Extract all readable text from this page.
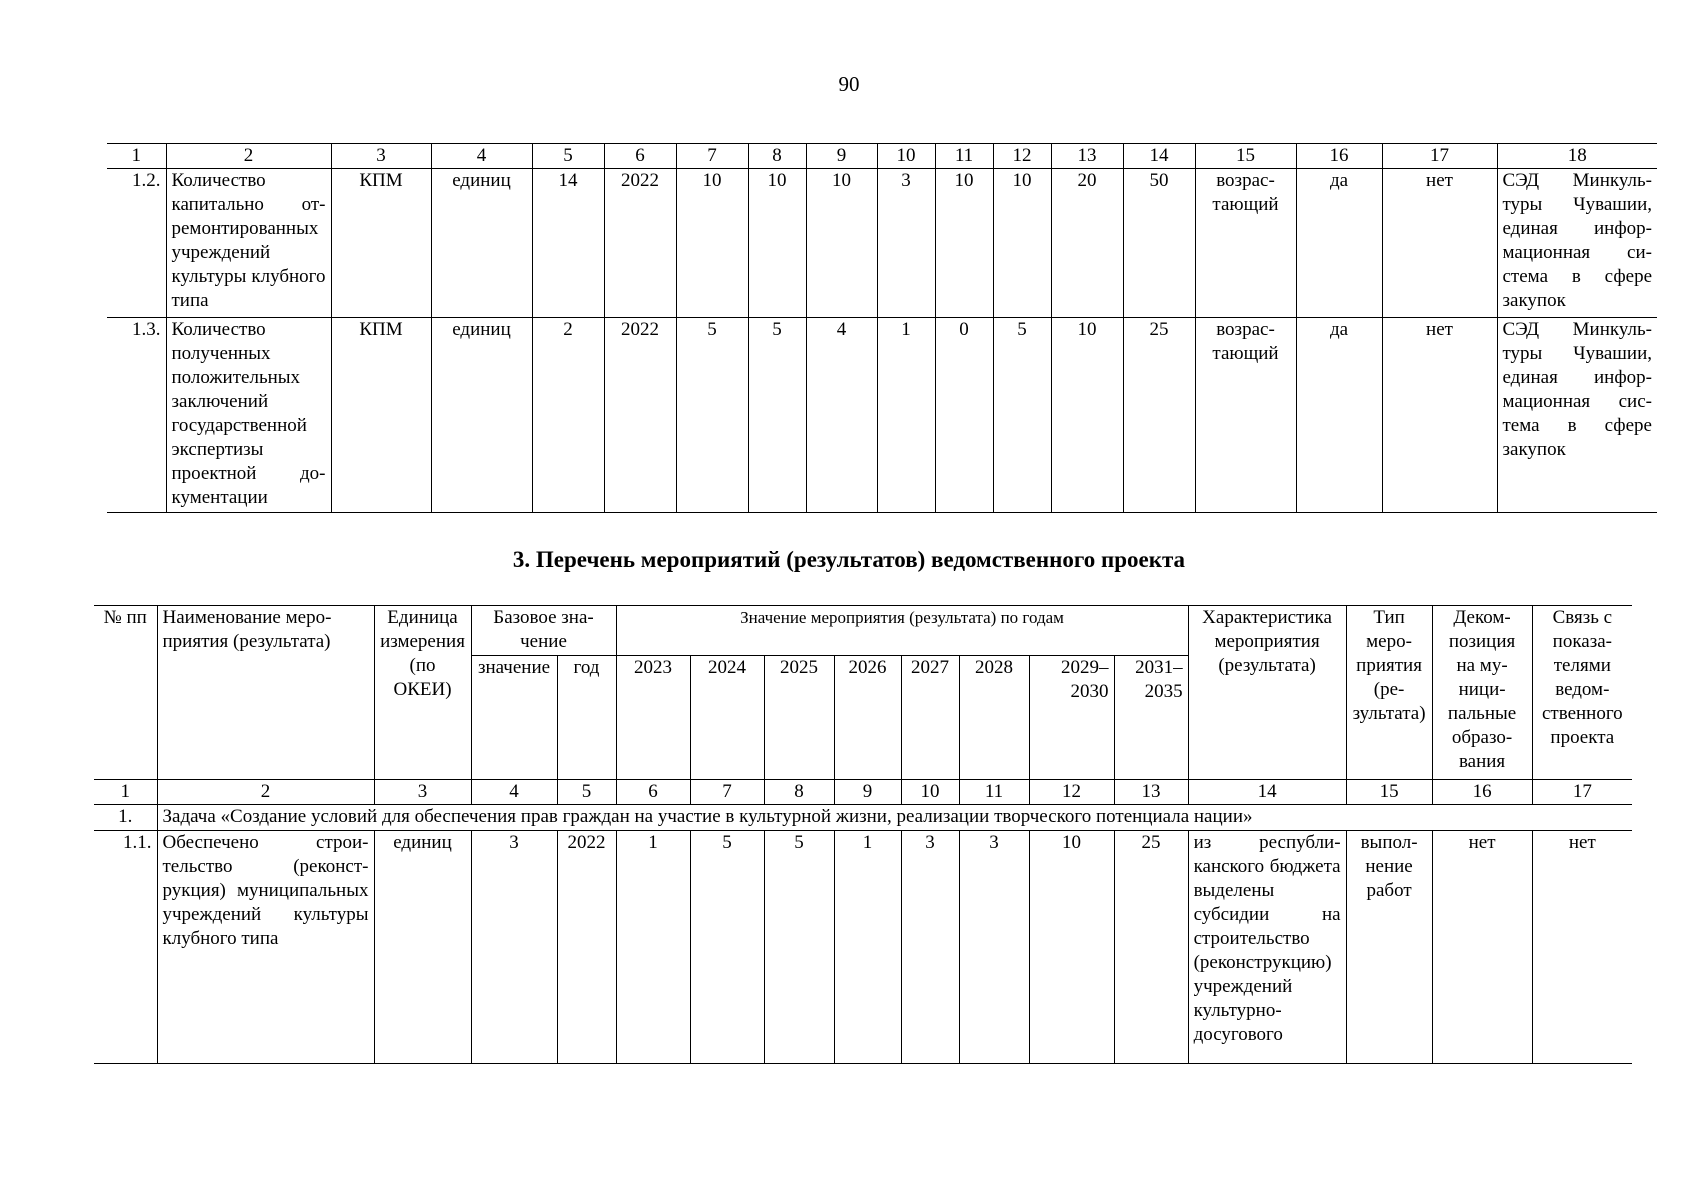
90
1	2	3	4	5	6	7	8	9	10	11	12	13	14	15	16	17	18
1.2.	Количество капитально отремонтированных учреждений культуры клубного типа	КПМ	единиц	14	2022	10	10	10	3	10	10	20	50	возрастающий	да	нет	СЭД Минкультуры Чувашии, единая информационная система в сфере закупок
1.3.	Количество полученных положительных заключений государственной экспертизы проектной документации	КПМ	единиц	2	2022	5	5	4	1	0	5	10	25	возрастающий	да	нет	СЭД Минкультуры Чувашии, единая информационная система в сфере закупок
3. Перечень мероприятий (результатов) ведомственного проекта
№ пп	Наименование мероприятия (результата)	Единица измерения (по ОКЕИ)	Базовое значение		Значение мероприятия (результата) по годам								Характеристика мероприятия (результата)	Тип мероприятия (результата)	Декомпозиция на муниципальные образования	Связь с показателями ведомственного проекта
			значение	год	2023	2024	2025	2026	2027	2028	2029–2030	2031–2035				
1	2	3	4	5	6	7	8	9	10	11	12	13	14	15	16	17
1.	Задача «Создание условий для обеспечения прав граждан на участие в культурной жизни, реализации творческого потенциала нации»															
1.1.	Обеспечено строительство (реконструкция) муниципальных учреждений культуры клубного типа	единиц	3	2022	1	5	5	1	3	3	10	25	из республиканского бюджета выделены субсидии на строительство (реконструкцию) учреждений культурно-досугового	выполнение работ	нет	нет
